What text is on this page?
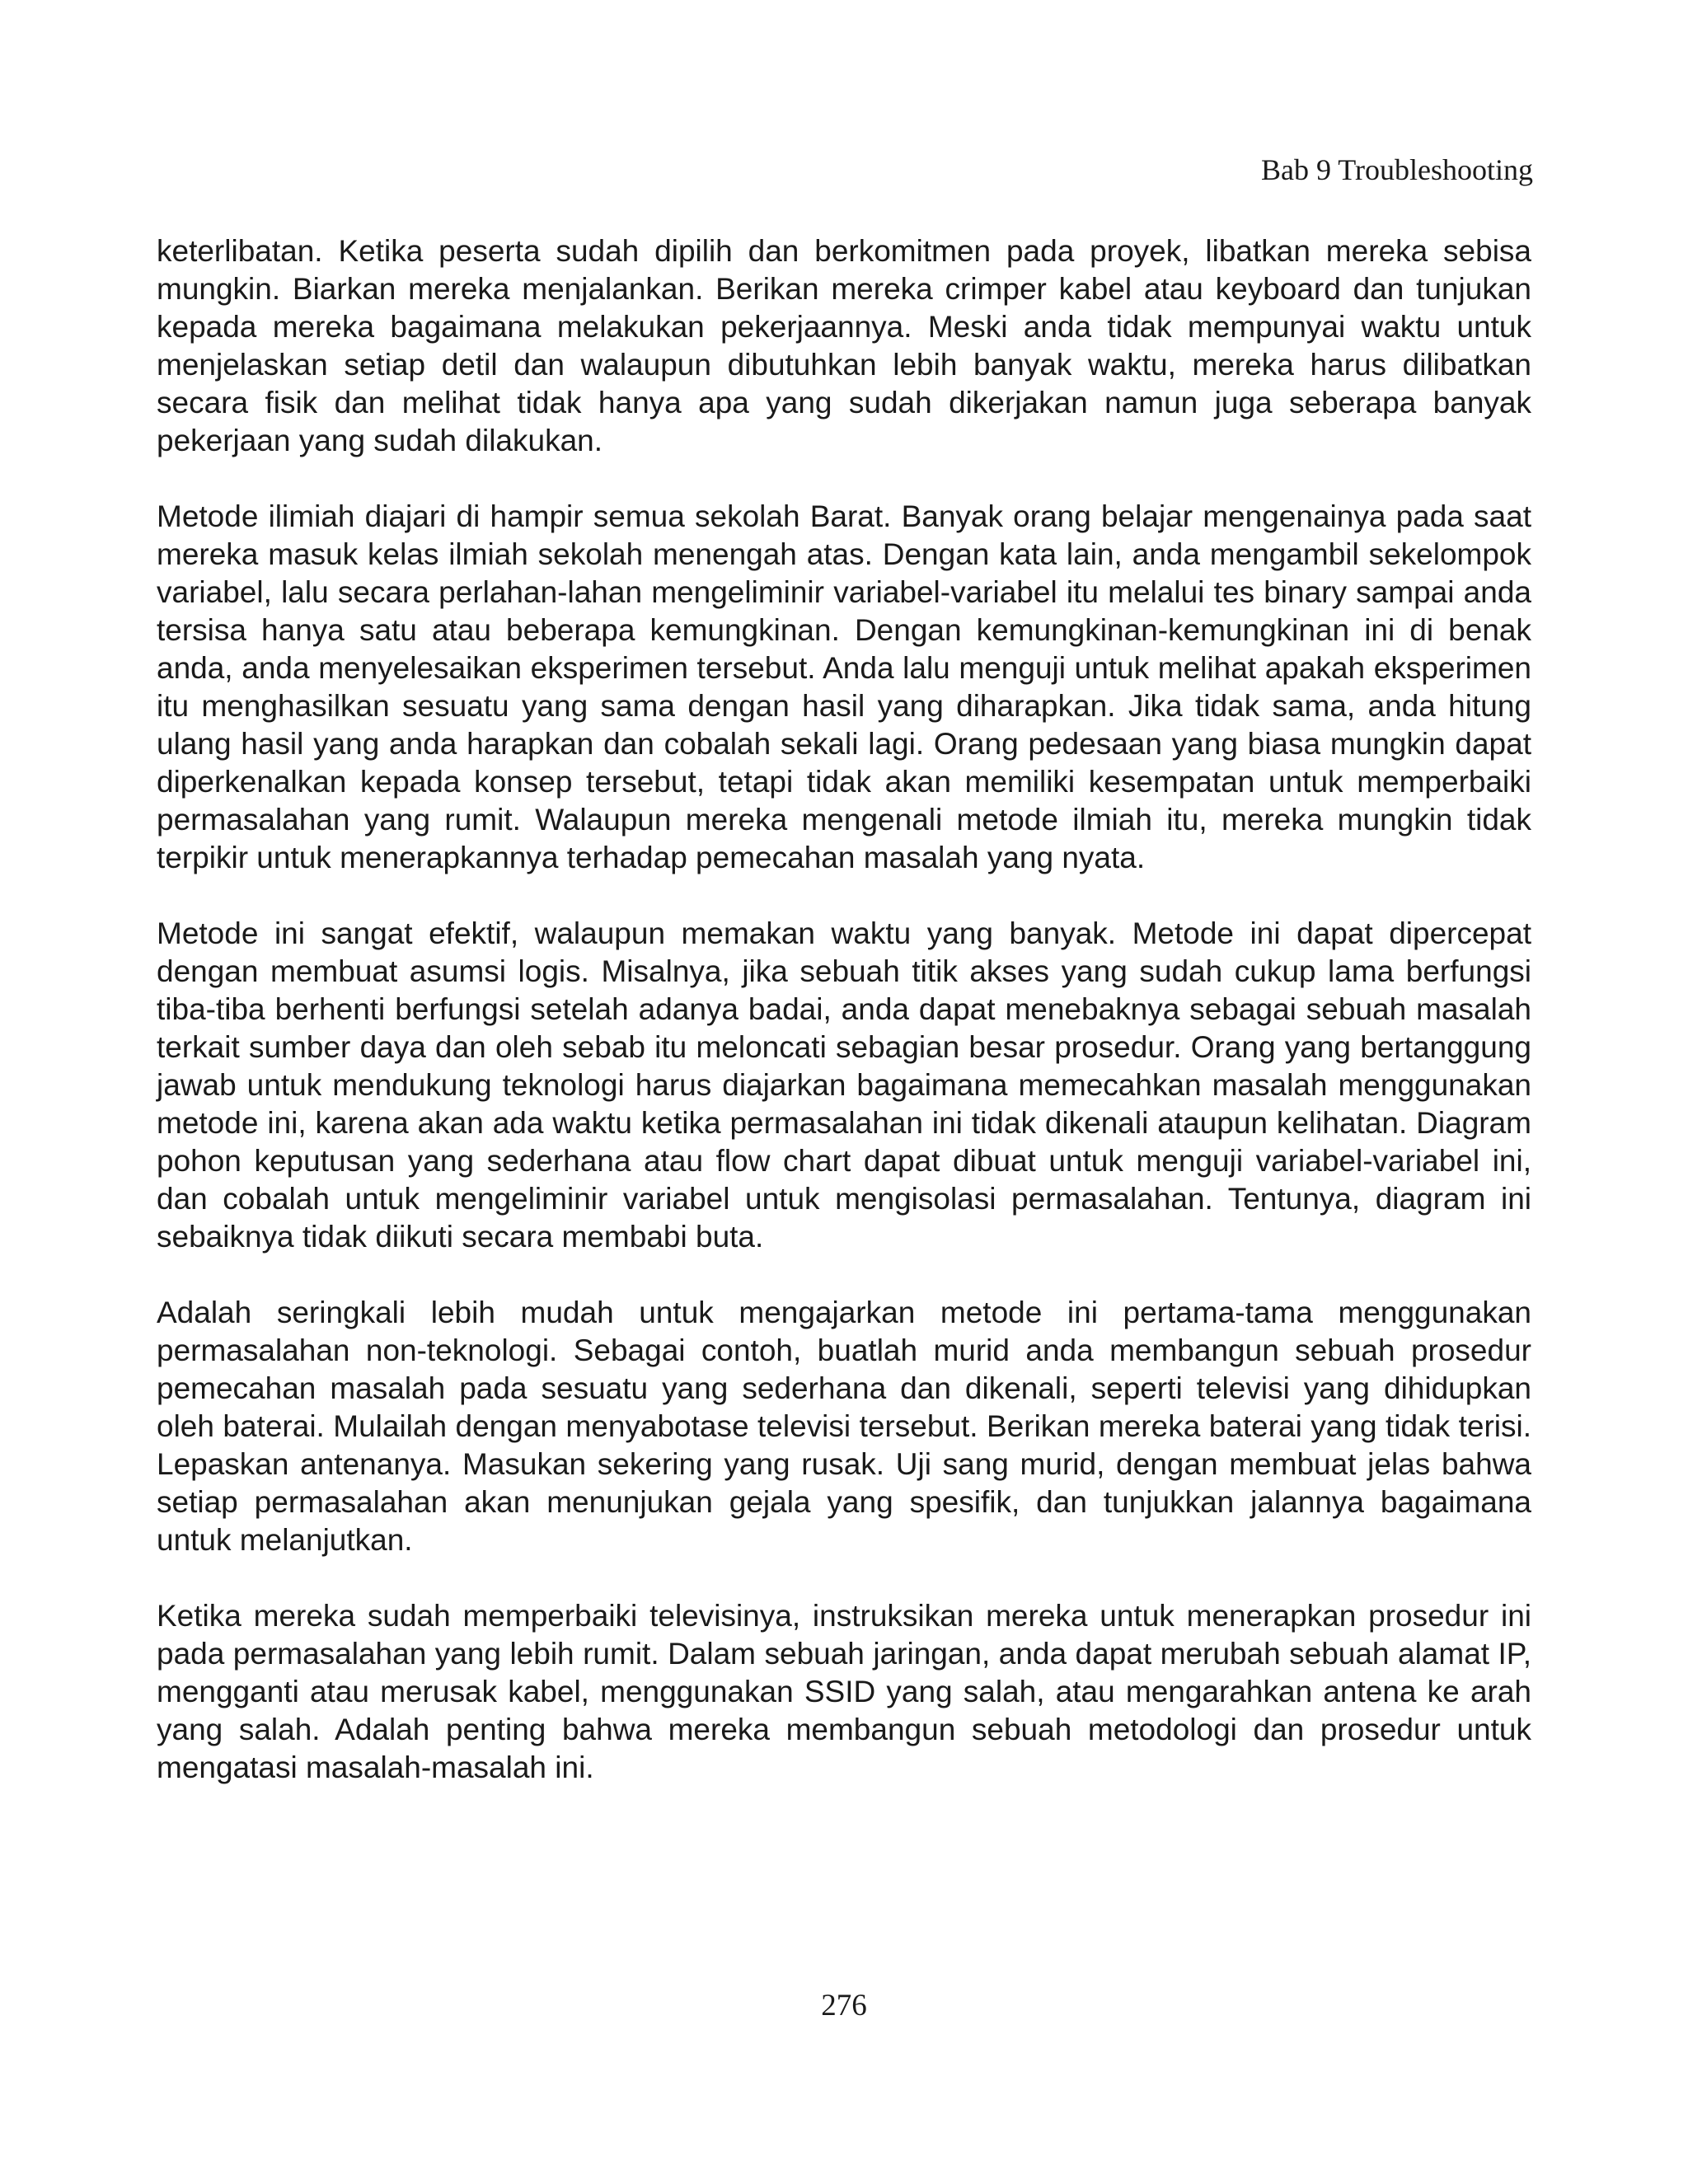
Bab 9 Troubleshooting

keterlibatan. Ketika peserta sudah dipilih dan berkomitmen pada proyek, libatkan mereka sebisa mungkin. Biarkan mereka menjalankan. Berikan mereka crimper kabel atau keyboard dan tunjukan kepada mereka bagaimana melakukan pekerjaannya. Meski anda tidak mempunyai waktu untuk menjelaskan setiap detil dan walaupun dibutuhkan lebih banyak waktu, mereka harus dilibatkan secara fisik dan melihat tidak hanya apa yang sudah dikerjakan namun juga seberapa banyak pekerjaan yang sudah dilakukan.

Metode ilimiah diajari di hampir semua sekolah Barat. Banyak orang belajar mengenainya pada saat mereka masuk kelas ilmiah sekolah menengah atas. Dengan kata lain, anda mengambil sekelompok variabel, lalu secara perlahan-lahan mengeliminir variabel-variabel itu melalui tes binary sampai anda tersisa hanya satu atau beberapa kemungkinan. Dengan kemungkinan-kemungkinan ini di benak anda, anda menyelesaikan eksperimen tersebut. Anda lalu menguji untuk melihat apakah eksperimen itu menghasilkan sesuatu yang sama dengan hasil yang diharapkan. Jika tidak sama, anda hitung ulang hasil yang anda harapkan dan cobalah sekali lagi. Orang pedesaan yang biasa mungkin dapat diperkenalkan kepada konsep tersebut, tetapi tidak akan memiliki kesempatan untuk memperbaiki permasalahan yang rumit. Walaupun mereka mengenali metode ilmiah itu, mereka mungkin tidak terpikir untuk menerapkannya terhadap pemecahan masalah yang nyata.

Metode ini sangat efektif, walaupun memakan waktu yang banyak. Metode ini dapat dipercepat dengan membuat asumsi logis. Misalnya, jika sebuah titik akses yang sudah cukup lama berfungsi tiba-tiba berhenti berfungsi setelah adanya badai, anda dapat menebaknya sebagai sebuah masalah terkait sumber daya dan oleh sebab itu meloncati sebagian besar prosedur. Orang yang bertanggung jawab untuk mendukung teknologi harus diajarkan bagaimana memecahkan masalah menggunakan metode ini, karena akan ada waktu ketika permasalahan ini tidak dikenali ataupun kelihatan. Diagram pohon keputusan yang sederhana atau flow chart dapat dibuat untuk menguji variabel-variabel ini, dan cobalah untuk mengeliminir variabel untuk mengisolasi permasalahan. Tentunya, diagram ini sebaiknya tidak diikuti secara membabi buta.

Adalah seringkali lebih mudah untuk mengajarkan metode ini pertama-tama menggunakan permasalahan non-teknologi. Sebagai contoh, buatlah murid anda membangun sebuah prosedur pemecahan masalah pada sesuatu yang sederhana dan dikenali, seperti televisi yang dihidupkan oleh baterai. Mulailah dengan menyabotase televisi tersebut. Berikan mereka baterai yang tidak terisi. Lepaskan antenanya. Masukan sekering yang rusak. Uji sang murid, dengan membuat jelas bahwa setiap permasalahan akan menunjukan gejala yang spesifik, dan tunjukkan jalannya bagaimana untuk melanjutkan.

Ketika mereka sudah memperbaiki televisinya, instruksikan mereka untuk menerapkan prosedur ini pada permasalahan yang lebih rumit. Dalam sebuah jaringan, anda dapat merubah sebuah alamat IP, mengganti atau merusak kabel, menggunakan SSID yang salah, atau mengarahkan antena ke arah yang salah. Adalah penting bahwa mereka membangun sebuah metodologi dan prosedur untuk mengatasi masalah-masalah ini.

276
